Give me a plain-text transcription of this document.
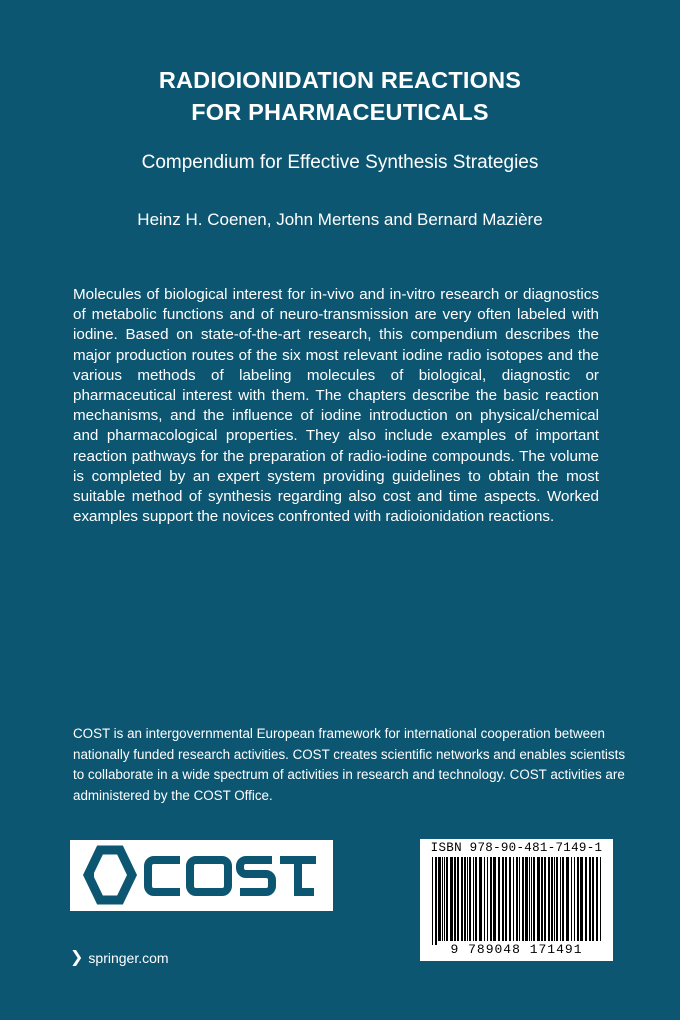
RADIOIONIDATION REACTIONS
FOR PHARMACEUTICALS
Compendium for Effective Synthesis Strategies
Heinz H. Coenen, John Mertens and Bernard Mazière

Molecules of biological interest for in-vivo and in-vitro research or diagnostics of metabolic functions and of neuro-transmission are very often labeled with iodine. Based on state-of-the-art research, this compendium describes the major production routes of the six most relevant iodine radio isotopes and the various methods of labeling molecules of biological, diagnostic or pharmaceutical interest with them. The chapters describe the basic reaction mechanisms, and the influence of iodine introduction on physical/chemical and pharmacological properties. They also include examples of important reaction pathways for the preparation of radio-iodine compounds. The volume is completed by an expert system providing guidelines to obtain the most suitable method of synthesis regarding also cost and time aspects. Worked examples support the novices confronted with radioionidation reactions.

COST is an intergovernmental European framework for international cooperation between nationally funded research activities. COST creates scientific networks and enables scientists to collaborate in a wide spectrum of activities in research and technology. COST activities are administered by the COST Office.

ISBN 978-90-481-7149-1
9 789048 171491
❯ springer.com
